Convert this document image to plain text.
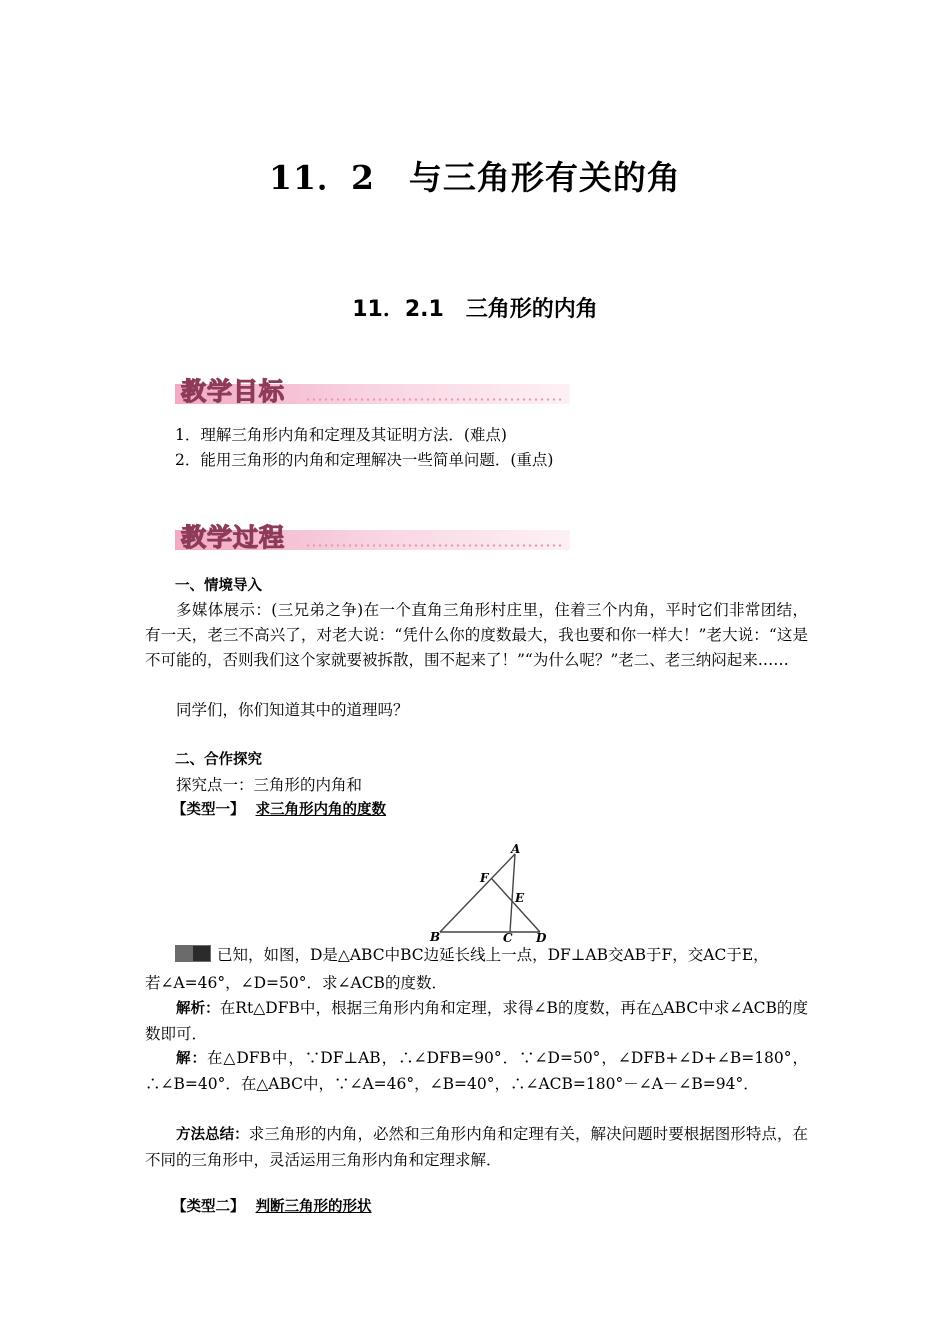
11．2　与三角形有关的角
11．2.1　三角形的内角
教学目标
1．理解三角形内角和定理及其证明方法．(难点)
2．能用三角形的内角和定理解决一些简单问题．(重点)
教学过程
一、情境导入
多媒体展示：(三兄弟之争)在一个直角三角形村庄里，住着三个内角，平时它们非常团结，有一天，老三不高兴了，对老大说：“凭什么你的度数最大，我也要和你一样大！”老大说：“这是不可能的，否则我们这个家就要被拆散，围不起来了！”“为什么呢？”老二、老三纳闷起来……
同学们，你们知道其中的道理吗？
二、合作探究
探究点一：三角形的内角和
【类型一】 求三角形内角的度数
A
B	C D
E
F
已知，如图，D是△ABC中BC边延长线上一点，DF⊥AB交AB于F，交AC于E，
若∠A=46°，∠D=50°．求∠ACB的度数．
解析：在Rt△DFB中，根据三角形内角和定理，求得∠B的度数，再在△ABC中求∠ACB的度数即可．
解：在△DFB中，∵DF⊥AB，∴∠DFB=90°．∵∠D=50°，∠DFB+∠D+∠B=180°，∴∠B=40°．在△ABC中，∵∠A=46°，∠B=40°，∴∠ACB=180°－∠A－∠B=94°．
方法总结：求三角形的内角，必然和三角形内角和定理有关，解决问题时要根据图形特点，在不同的三角形中，灵活运用三角形内角和定理求解．
【类型二】 判断三角形的形状
